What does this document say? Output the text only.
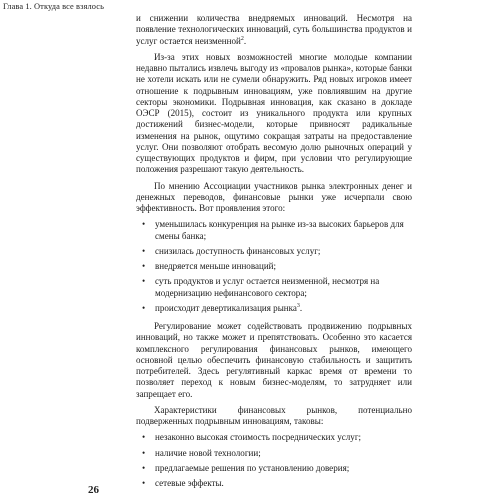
Глава 1. Откуда все взялось

и снижении количества внедряемых инноваций. Несмотря на появление технологических инноваций, суть большинства продуктов и услуг остается неизменной$^2$.

Из-за этих новых возможностей многие молодые компании недавно пытались извлечь выгоду из «провалов рынка», которые банки не хотели искать или не сумели обнаружить. Ряд новых игроков имеет отношение к подрывным инновациям, уже повлиявшим на другие секторы экономики. Подрывная инновация, как сказано в докладе ОЭСР (2015), состоит из уникального продукта или крупных достижений бизнес-модели, которые привносят радикальные изменения на рынок, ощутимо сокращая затраты на предоставление услуг. Они позволяют отобрать весомую долю рыночных операций у существующих продуктов и фирм, при условии что регулирующие положения разрешают такую деятельность.

По мнению Ассоциации участников рынка электронных денег и денежных переводов, финансовые рынки уже исчерпали свою эффективность. Вот проявления этого:

• уменьшилась конкуренция на рынке из-за высоких барьеров для смены банка;
• снизилась доступность финансовых услуг;
• внедряется меньше инноваций;
• суть продуктов и услуг остается неизменной, несмотря на модернизацию нефинансового сектора;
• происходит девертикализация рынка$^3$.

Регулирование может содействовать продвижению подрывных инноваций, но также может и препятствовать. Особенно это касается комплексного регулирования финансовых рынков, имеющего основной целью обеспечить финансовую стабильность и защитить потребителей. Здесь регулятивный каркас время от времени то позволяет переход к новым бизнес-моделям, то затрудняет или запрещает его.

Характеристики финансовых рынков, потенциально подверженных подрывным инновациям, таковы:

• незаконно высокая стоимость посреднических услуг;
• наличие новой технологии;
• предлагаемые решения по установлению доверия;
• сетевые эффекты.
26
